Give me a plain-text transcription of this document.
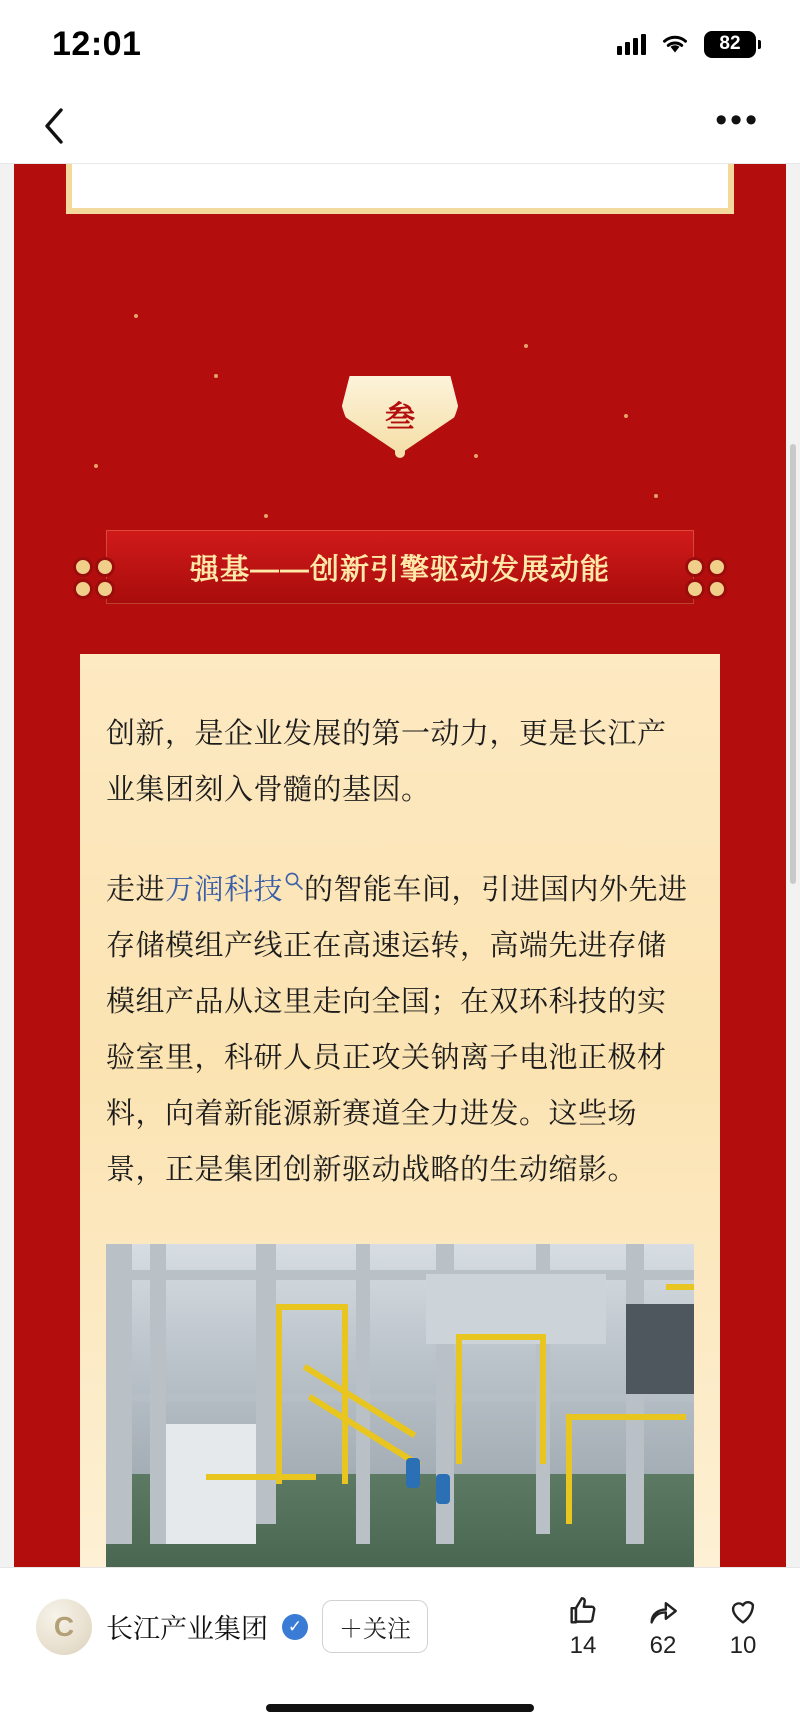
12:01	82
•••
叁
强基——创新引擎驱动发展动能

创新，是企业发展的第一动力，更是长江产业集团刻入骨髓的基因。

走进万润科技 的智能车间，引进国内外先进存储模组产线正在高速运转，高端先进存储模组产品从这里走向全国；在双环科技的实验室里，科研人员正攻关钠离子电池正极材料，向着新能源新赛道全力进发。这些场景，正是集团创新驱动战略的生动缩影。

C	长江产业集团	✓	＋关注
14 62 10
